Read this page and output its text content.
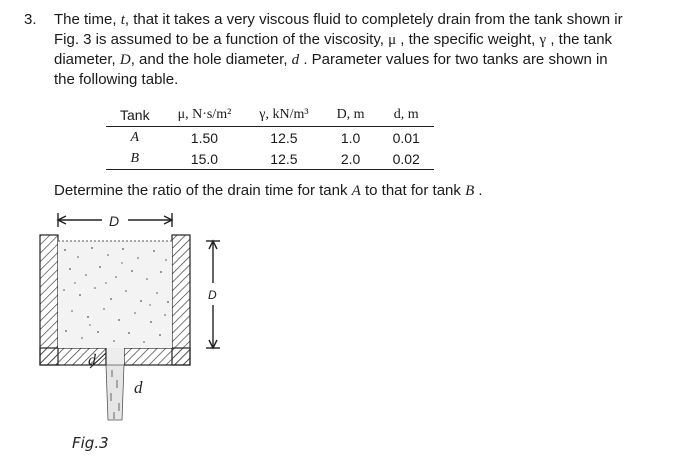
3. The time, t, that it takes a very viscous fluid to completely drain from the tank shown ir
Fig. 3 is assumed to be a function of the viscosity, μ , the specific weight, γ , the tank
diameter, D, and the hole diameter, d . Parameter values for two tanks are shown in
the following table.
Tank	μ, N·s/m²	γ, kN/m³	D, m	d, m
A	1.50	12.5	1.0	0.01
B	15.0	12.5	2.0	0.02
Determine the ratio of the drain time for tank A to that for tank B .
D
d
d
D
Fig.3
